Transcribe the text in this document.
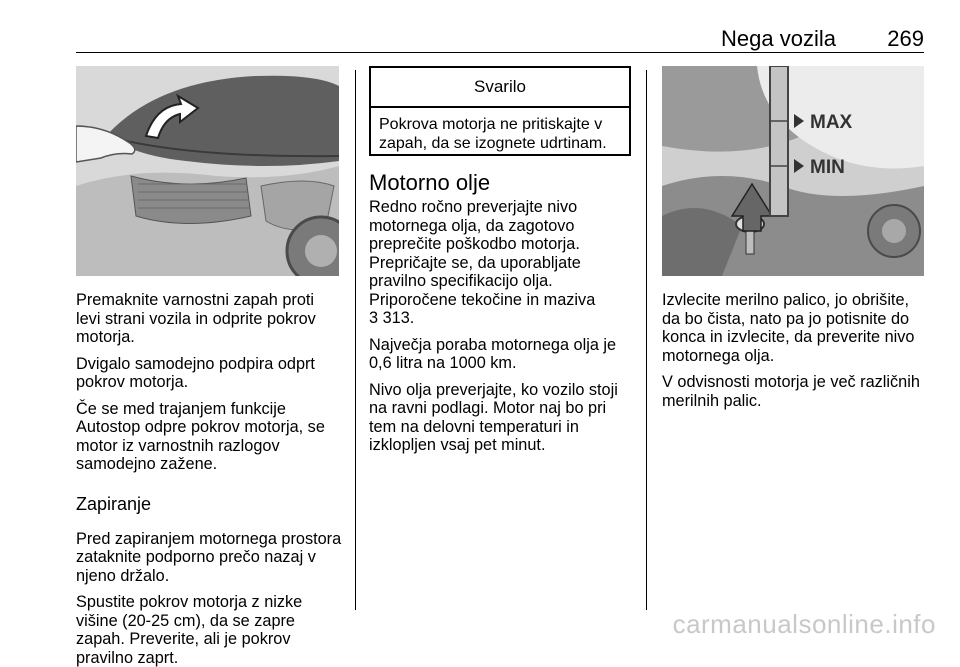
Nega vozila 269

Premaknite varnostni zapah proti levi strani vozila in odprite pokrov motorja.

Dvigalo samodejno podpira odprt pokrov motorja.

Če se med trajanjem funkcije Autostop odpre pokrov motorja, se motor iz varnostnih razlogov samodejno zažene.

Zapiranje

Pred zapiranjem motornega prostora zataknite podporno prečo nazaj v njeno držalo.

Spustite pokrov motorja z nizke višine (20-25 cm), da se zapre zapah. Preverite, ali je pokrov pravilno zaprt.

Svarilo
Pokrova motorja ne pritiskajte v zapah, da se izognete udrtinam.
Motorno olje

Redno ročno preverjajte nivo motornega olja, da zagotovo preprečite poškodbo motorja. Prepričajte se, da uporabljate pravilno specifikacijo olja.

Priporočene tekočine in maziva
3 313.

Največja poraba motornega olja je 0,6 litra na 1000 km.

Nivo olja preverjajte, ko vozilo stoji na ravni podlagi. Motor naj bo pri tem na delovni temperaturi in izklopljen vsaj pet minut.

MAX
MIN

Izvlecite merilno palico, jo obrišite, da bo čista, nato pa jo potisnite do konca in izvlecite, da preverite nivo motornega olja.

V odvisnosti motorja je več različnih merilnih palic.

carmanualsonline.info
